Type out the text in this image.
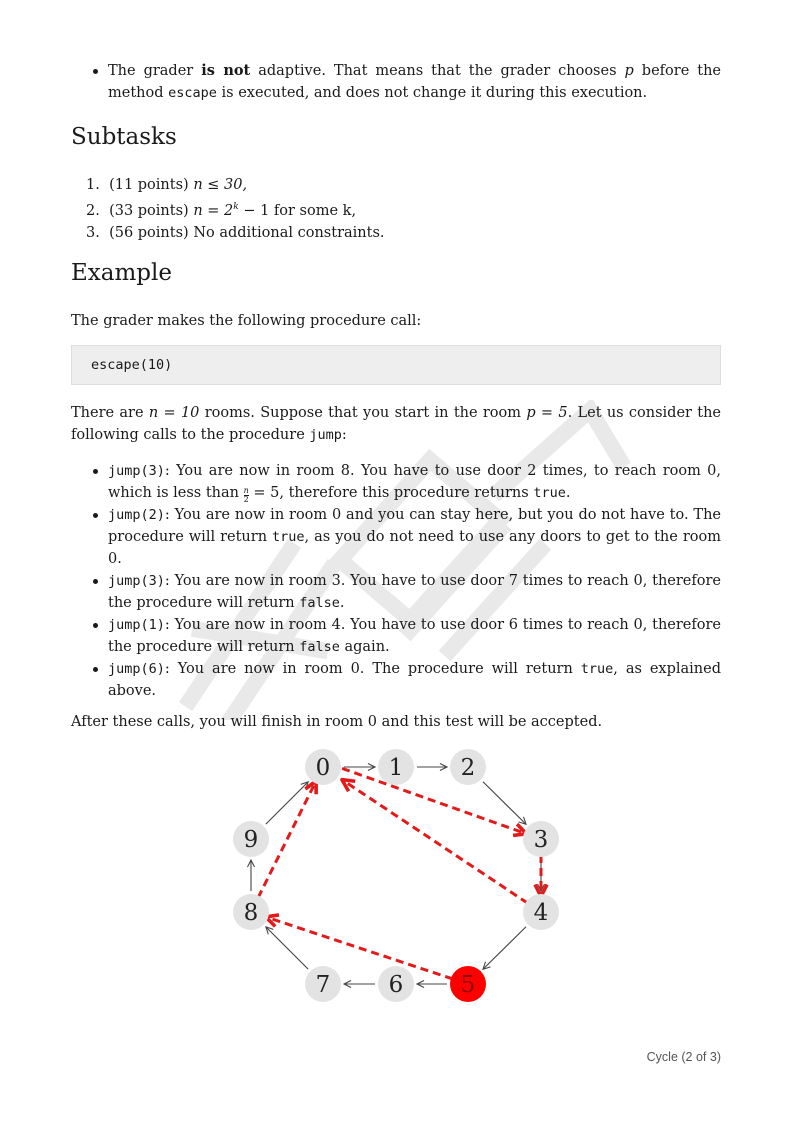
The grader is not adaptive. That means that the grader chooses p before the method escape is executed, and does not change it during this execution.
Subtasks
1. (11 points) n ≤ 30,
2. (33 points) $n = 2^k - 1$ for some k,
3. (56 points) No additional constraints.
Example
The grader makes the following procedure call:
escape(10)
There are n = 10 rooms. Suppose that you start in the room p = 5. Let us consider the following calls to the procedure jump:
jump(3): You are now in room 8. You have to use door 2 times, to reach room 0, which is less than $\frac{n}{2} = 5$, therefore this procedure returns true.
jump(2): You are now in room 0 and you can stay here, but you do not have to. The procedure will return true, as you do not need to use any doors to get to the room 0.
jump(3): You are now in room 3. You have to use door 7 times to reach 0, therefore the procedure will return false.
jump(1): You are now in room 4. You have to use door 6 times to reach 0, therefore the procedure will return false again.
jump(6): You are now in room 0. The procedure will return true, as explained above.
After these calls, you will finish in room 0 and this test will be accepted.
0	1 2
3
4
5
6
7
8
9
Cycle (2 of 3)
